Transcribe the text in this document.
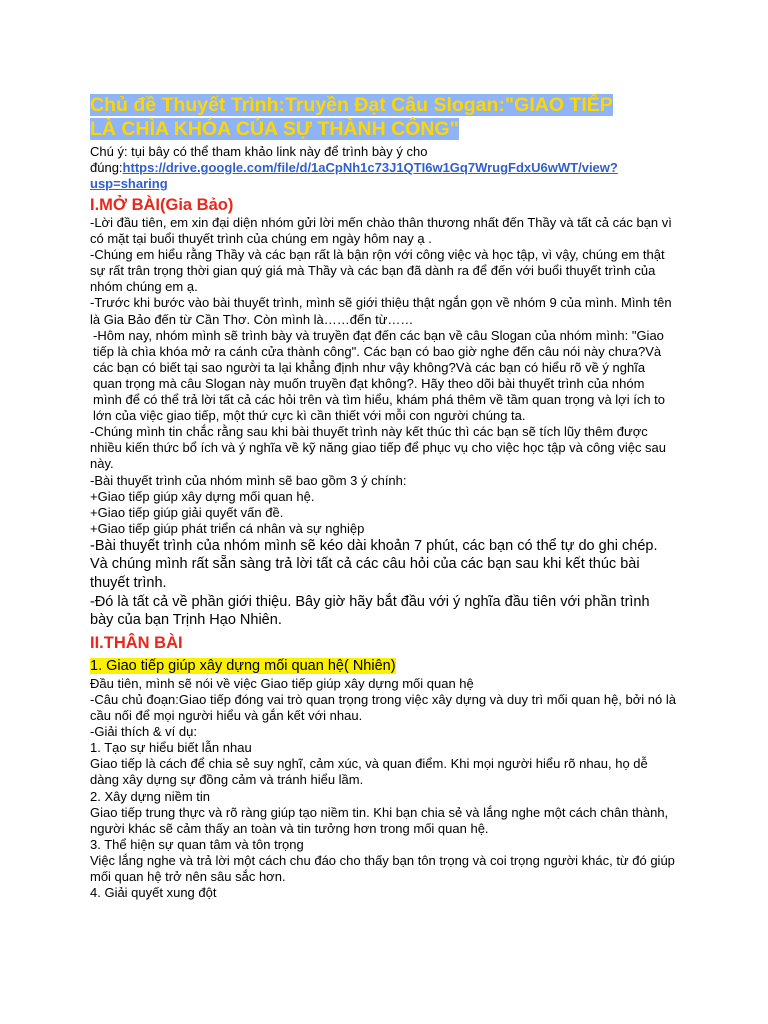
Chủ đề Thuyết Trình:Truyền Đạt Câu Slogan:"GIAO TIẾP
LÀ CHÌA KHÓA CỦA SỰ THÀNH CÔNG"

Chú ý: tụi bây có thể tham khảo link này để trình bày ý cho
đúng:https://drive.google.com/file/d/1aCpNh1c73J1QTI6w1Gq7WrugFdxU6wWT/view?usp=sharing

I.MỞ BÀI(Gia Bảo)

-Lời đầu tiên, em xin đại diện nhóm gửi lời mến chào thân thương nhất đến Thầy và tất cả các bạn vì có mặt tại buổi thuyết trình của chúng em ngày hôm nay ạ .

-Chúng em hiểu rằng Thầy và các bạn rất là bận rộn với công việc và học tập, vì vậy, chúng em thật sự rất trân trọng thời gian quý giá mà Thầy và các bạn đã dành ra để đến với buổi thuyết trình của nhóm chúng em ạ.

-Trước khi bước vào bài thuyết trình, mình sẽ giới thiệu thật ngắn gọn về nhóm 9 của mình. Mình tên là Gia Bảo đến từ Cần Thơ. Còn mình là……đến từ……

-Hôm nay, nhóm mình sẽ trình bày và truyền đạt đến các bạn về câu Slogan của nhóm mình: "Giao tiếp là chìa khóa mở ra cánh cửa thành công". Các bạn có bao giờ nghe đến câu nói này chưa?Và các bạn có biết tại sao người ta lại khẳng định như vậy không?Và các bạn có hiểu rõ về ý nghĩa quan trọng mà câu Slogan này muốn truyền đạt không?. Hãy theo dõi bài thuyết trình của nhóm mình để có thể trả lời tất cả các hỏi trên và tìm hiểu, khám phá thêm về tầm quan trọng và lợi ích to lớn của việc giao tiếp, một thứ cực kì cần thiết với mỗi con người chúng ta.

-Chúng mình tin chắc rằng sau khi bài thuyết trình này kết thúc thì các bạn sẽ tích lũy thêm được nhiều kiến thức bổ ích và ý nghĩa về kỹ năng giao tiếp để phục vụ cho việc học tập và công việc sau này.

-Bài thuyết trình của nhóm mình sẽ bao gồm 3 ý chính:

+Giao tiếp giúp xây dựng mối quan hệ.

+Giao tiếp giúp giải quyết vấn đề.

+Giao tiếp giúp phát triển cá nhân và sự nghiệp

-Bài thuyết trình của nhóm mình sẽ kéo dài khoản 7 phút, các bạn có thể tự do ghi chép. Và chúng mình rất sẵn sàng trả lời tất cả các câu hỏi của các bạn sau khi kết thúc bài thuyết trình.

-Đó là tất cả về phần giới thiệu. Bây giờ hãy bắt đầu với ý nghĩa đầu tiên với phần trình bày của bạn Trịnh Hạo Nhiên.

II.THÂN BÀI

1. Giao tiếp giúp xây dựng mối quan hệ( Nhiên)

Đầu tiên, mình sẽ nói về việc Giao tiếp giúp xây dựng mối quan hệ

-Câu chủ đoạn:Giao tiếp đóng vai trò quan trọng trong việc xây dựng và duy trì mối quan hệ, bởi nó là cầu nối để mọi người hiểu và gắn kết với nhau.

-Giải thích & ví dụ:

1. Tạo sự hiểu biết lẫn nhau

Giao tiếp là cách để chia sẻ suy nghĩ, cảm xúc, và quan điểm. Khi mọi người hiểu rõ nhau, họ dễ dàng xây dựng sự đồng cảm và tránh hiểu lầm.

2. Xây dựng niềm tin

Giao tiếp trung thực và rõ ràng giúp tạo niềm tin. Khi bạn chia sẻ và lắng nghe một cách chân thành, người khác sẽ cảm thấy an toàn và tin tưởng hơn trong mối quan hệ.

3. Thể hiện sự quan tâm và tôn trọng

Việc lắng nghe và trả lời một cách chu đáo cho thấy bạn tôn trọng và coi trọng người khác, từ đó giúp mối quan hệ trở nên sâu sắc hơn.

4. Giải quyết xung đột
